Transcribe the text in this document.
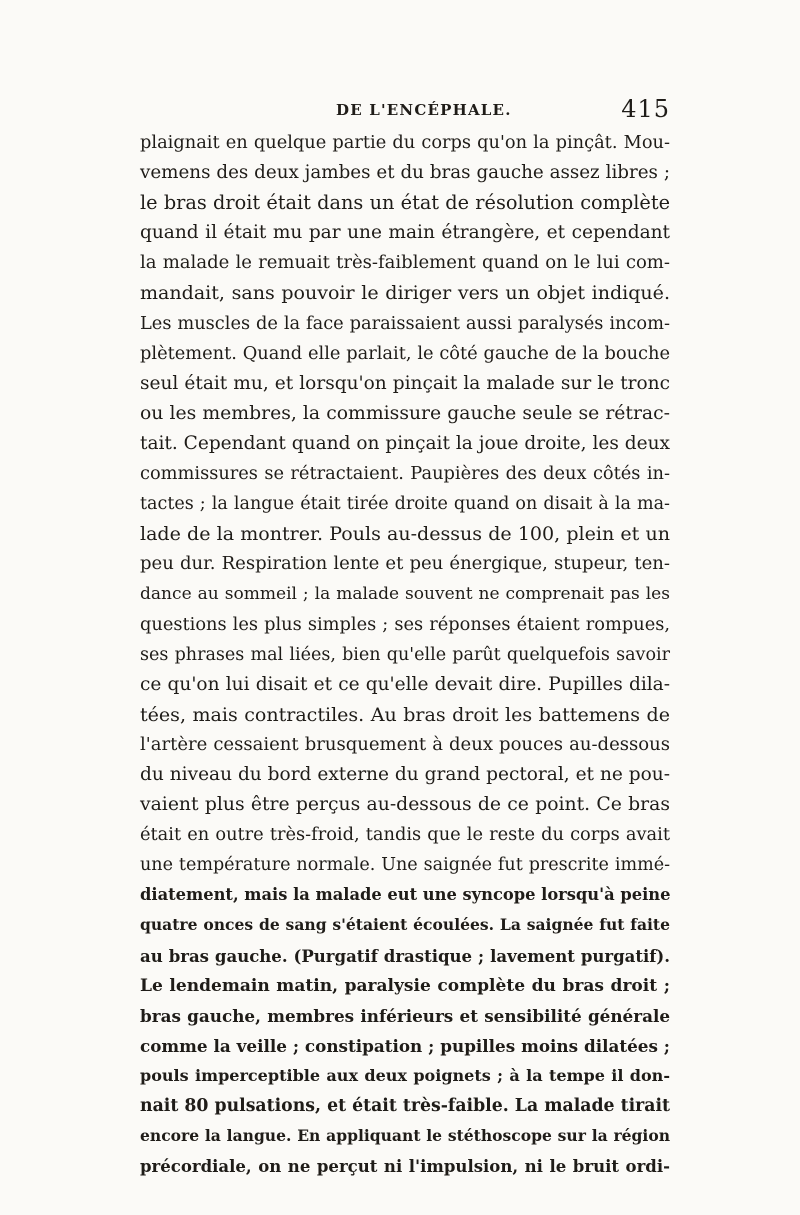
DE L'ENCÉPHALE.	415
plaignait en quelque partie du corps qu'on la pinçât. Mou-
vemens des deux jambes et du bras gauche assez libres ;
le bras droit était dans un état de résolution complète
quand il était mu par une main étrangère, et cependant
la malade le remuait très-faiblement quand on le lui com-
mandait, sans pouvoir le diriger vers un objet indiqué.
Les muscles de la face paraissaient aussi paralysés incom-
plètement. Quand elle parlait, le côté gauche de la bouche
seul était mu, et lorsqu'on pinçait la malade sur le tronc
ou les membres, la commissure gauche seule se rétrac-
tait. Cependant quand on pinçait la joue droite, les deux
commissures se rétractaient. Paupières des deux côtés in-
tactes ; la langue était tirée droite quand on disait à la ma-
lade de la montrer. Pouls au-dessus de 100, plein et un
peu dur. Respiration lente et peu énergique, stupeur, ten-
dance au sommeil ; la malade souvent ne comprenait pas les
questions les plus simples ; ses réponses étaient rompues,
ses phrases mal liées, bien qu'elle parût quelquefois savoir
ce qu'on lui disait et ce qu'elle devait dire. Pupilles dila-
tées, mais contractiles. Au bras droit les battemens de
l'artère cessaient brusquement à deux pouces au-dessous
du niveau du bord externe du grand pectoral, et ne pou-
vaient plus être perçus au-dessous de ce point. Ce bras
était en outre très-froid, tandis que le reste du corps avait
une température normale. Une saignée fut prescrite immé-
diatement, mais la malade eut une syncope lorsqu'à peine
quatre onces de sang s'étaient écoulées. La saignée fut faite
au bras gauche. (Purgatif drastique ; lavement purgatif).
Le lendemain matin, paralysie complète du bras droit ;
bras gauche, membres inférieurs et sensibilité générale
comme la veille ; constipation ; pupilles moins dilatées ;
pouls imperceptible aux deux poignets ; à la tempe il don-
nait 80 pulsations, et était très-faible. La malade tirait
encore la langue. En appliquant le stéthoscope sur la région
précordiale, on ne perçut ni l'impulsion, ni le bruit ordi-
